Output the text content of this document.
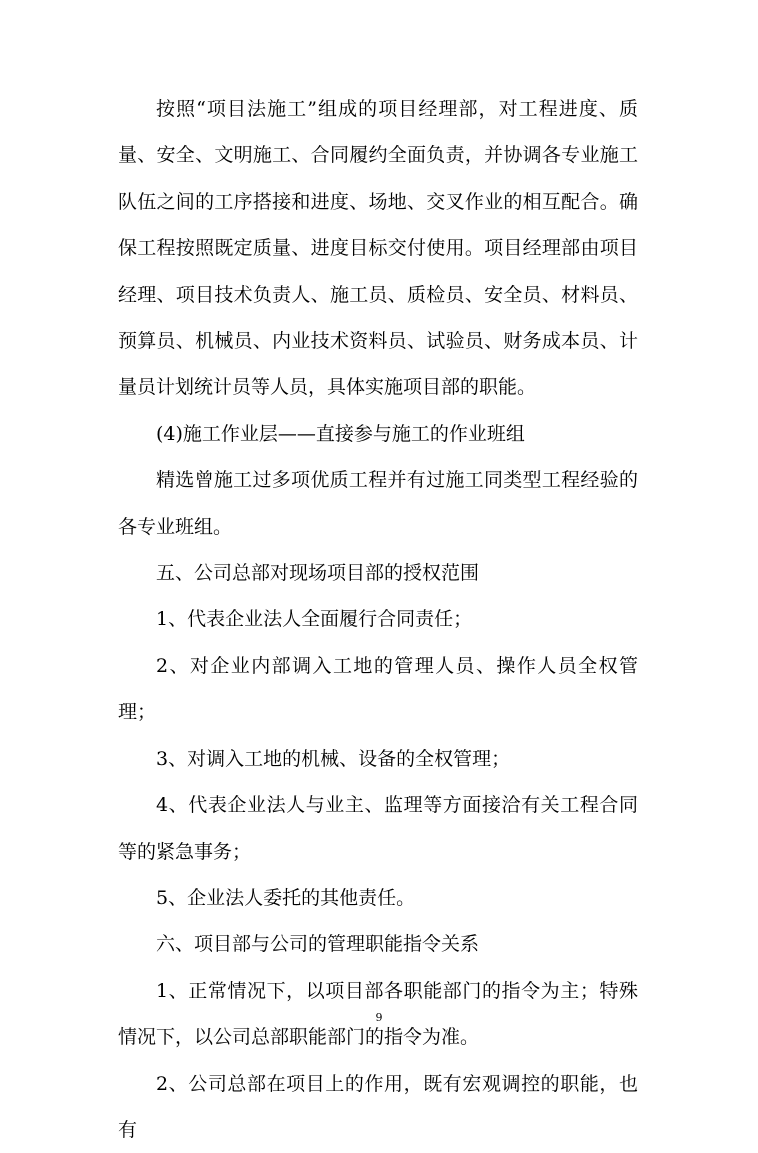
按照“项目法施工”组成的项目经理部，对工程进度、质量、安全、文明施工、合同履约全面负责，并协调各专业施工队伍之间的工序搭接和进度、场地、交叉作业的相互配合。确保工程按照既定质量、进度目标交付使用。项目经理部由项目经理、项目技术负责人、施工员、质检员、安全员、材料员、预算员、机械员、内业技术资料员、试验员、财务成本员、计量员计划统计员等人员，具体实施项目部的职能。

(4)施工作业层——直接参与施工的作业班组

精选曾施工过多项优质工程并有过施工同类型工程经验的各专业班组。

五、公司总部对现场项目部的授权范围

1、代表企业法人全面履行合同责任；

2、对企业内部调入工地的管理人员、操作人员全权管理；

3、对调入工地的机械、设备的全权管理；

4、代表企业法人与业主、监理等方面接洽有关工程合同等的紧急事务；

5、企业法人委托的其他责任。

六、项目部与公司的管理职能指令关系

1、正常情况下，以项目部各职能部门的指令为主；特殊情况下，以公司总部职能部门的指令为准。

2、公司总部在项目上的作用，既有宏观调控的职能，也有

9
